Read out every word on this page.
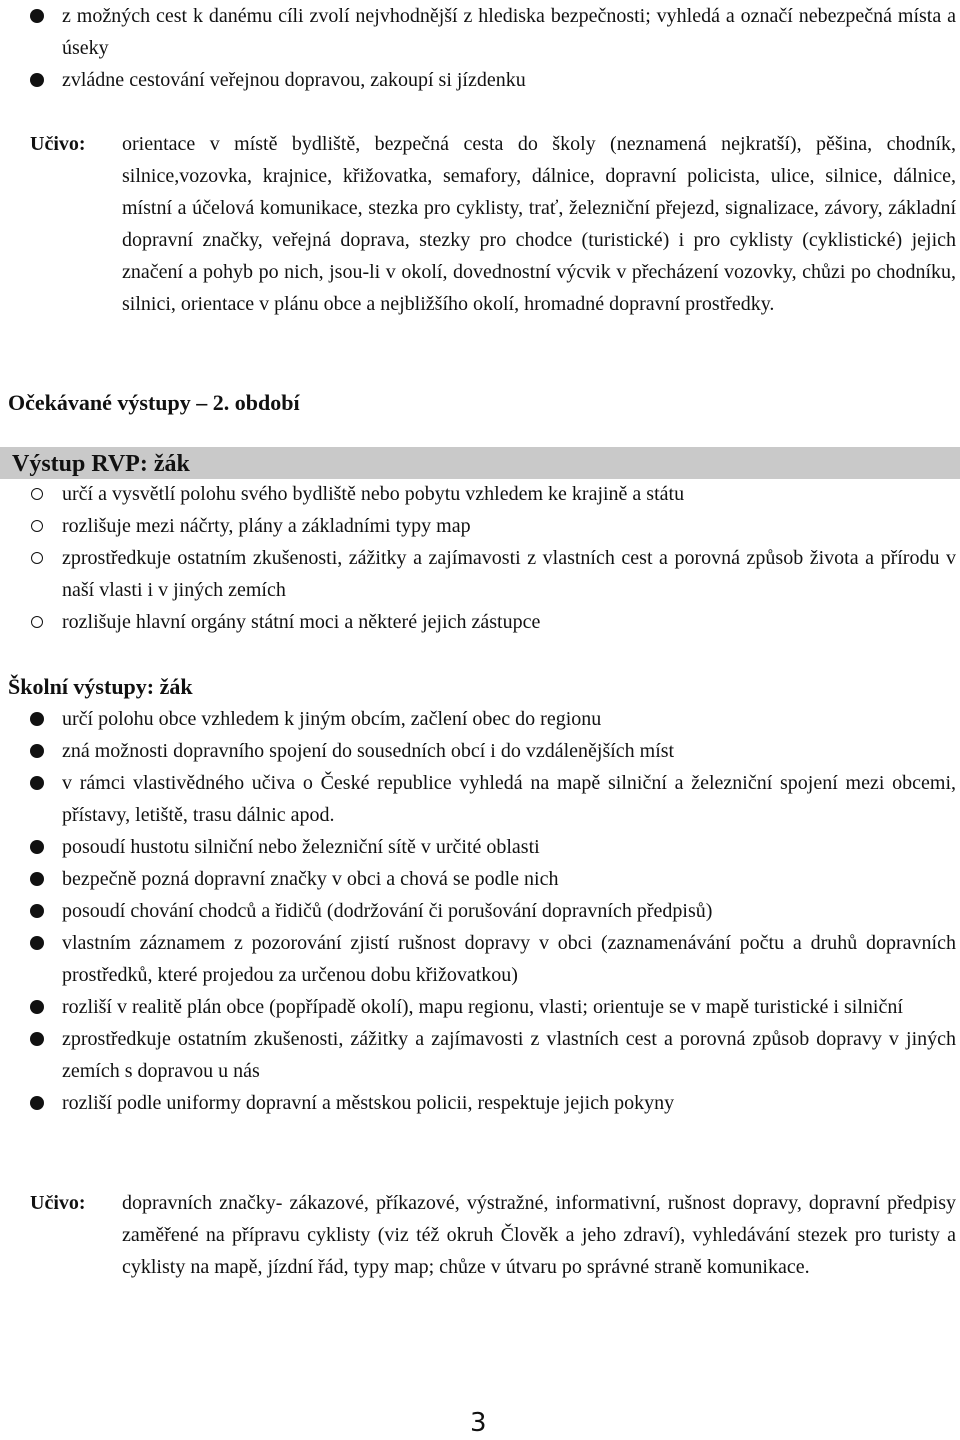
z možných cest k danému cíli zvolí nejvhodnější z hlediska bezpečnosti; vyhledá a označí nebezpečná místa a úseky
zvládne cestování veřejnou dopravou, zakoupí si jízdenku
Učivo: orientace v místě bydliště, bezpečná cesta do školy (neznamená nejkratší), pěšina, chodník, silnice,vozovka, krajnice, křižovatka, semafory, dálnice, dopravní policista, ulice, silnice, dálnice, místní a účelová komunikace, stezka pro cyklisty, trať, železniční přejezd, signalizace, závory, základní dopravní značky, veřejná doprava, stezky pro chodce (turistické) i pro cyklisty (cyklistické) jejich značení a pohyb po nich, jsou-li v okolí, dovednostní výcvik v přecházení vozovky, chůzi po chodníku, silnici, orientace v plánu obce a nejbližšího okolí, hromadné dopravní prostředky.
Očekávané výstupy – 2. období
Výstup RVP: žák
určí a vysvětlí polohu svého bydliště nebo pobytu vzhledem ke krajině a státu
rozlišuje mezi náčrty, plány a základními typy map
zprostředkuje ostatním zkušenosti, zážitky a zajímavosti z vlastních cest a porovná způsob života a přírodu v naší vlasti i v jiných zemích
rozlišuje hlavní orgány státní moci a některé jejich zástupce
Školní výstupy: žák
určí polohu obce vzhledem k jiným obcím, začlení obec do regionu
zná možnosti dopravního spojení do sousedních obcí i do vzdálenějších míst
v rámci vlastivědného učiva o České republice vyhledá na mapě silniční a železniční spojení mezi obcemi, přístavy, letiště, trasu dálnic apod.
posoudí hustotu silniční nebo železniční sítě v určité oblasti
bezpečně pozná dopravní značky v obci a chová se podle nich
posoudí chování chodců a řidičů (dodržování či porušování dopravních předpisů)
vlastním záznamem z pozorování zjistí rušnost dopravy v obci (zaznamenávání počtu a druhů dopravních prostředků, které projedou za určenou dobu křižovatkou)
rozliší v realitě plán obce (popřípadě okolí), mapu regionu, vlasti; orientuje se v mapě turistické i silniční
zprostředkuje ostatním zkušenosti, zážitky a zajímavosti z vlastních cest a porovná způsob dopravy v jiných zemích s dopravou u nás
rozliší podle uniformy dopravní a městskou policii, respektuje jejich pokyny
Učivo: dopravních značky- zákazové, příkazové, výstražné, informativní, rušnost dopravy, dopravní předpisy zaměřené na přípravu cyklisty (viz též okruh Člověk a jeho zdraví), vyhledávání stezek pro turisty a cyklisty na mapě, jízdní řád, typy map; chůze v útvaru po správné straně komunikace.
3
